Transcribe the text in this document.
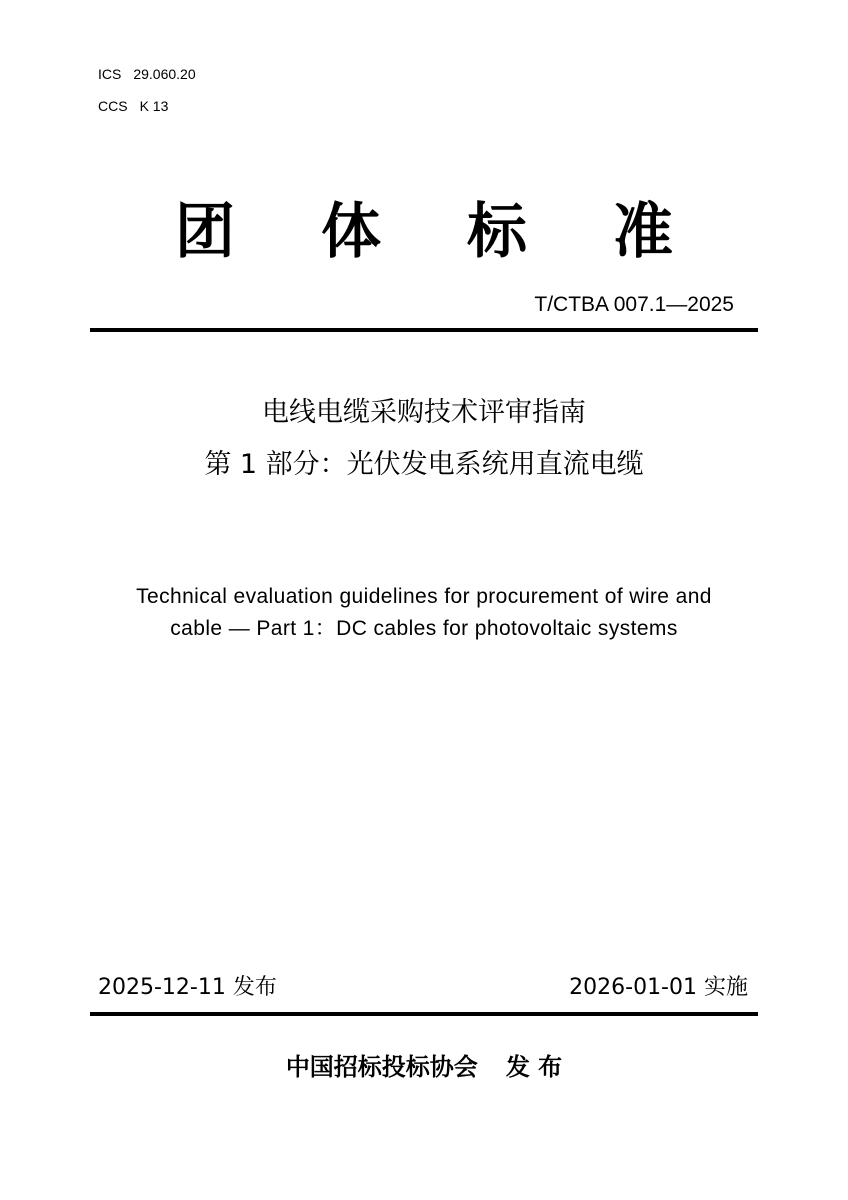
ICS 29.060.20
CCS K 13
团体标准
T/CTBA 007.1—2025
电线电缆采购技术评审指南
第 1 部分：光伏发电系统用直流电缆
Technical evaluation guidelines for procurement of wire and
cable — Part 1：DC cables for photovoltaic systems
2025-12-11 发布	2026-01-01 实施
中国招标投标协会 发 布
